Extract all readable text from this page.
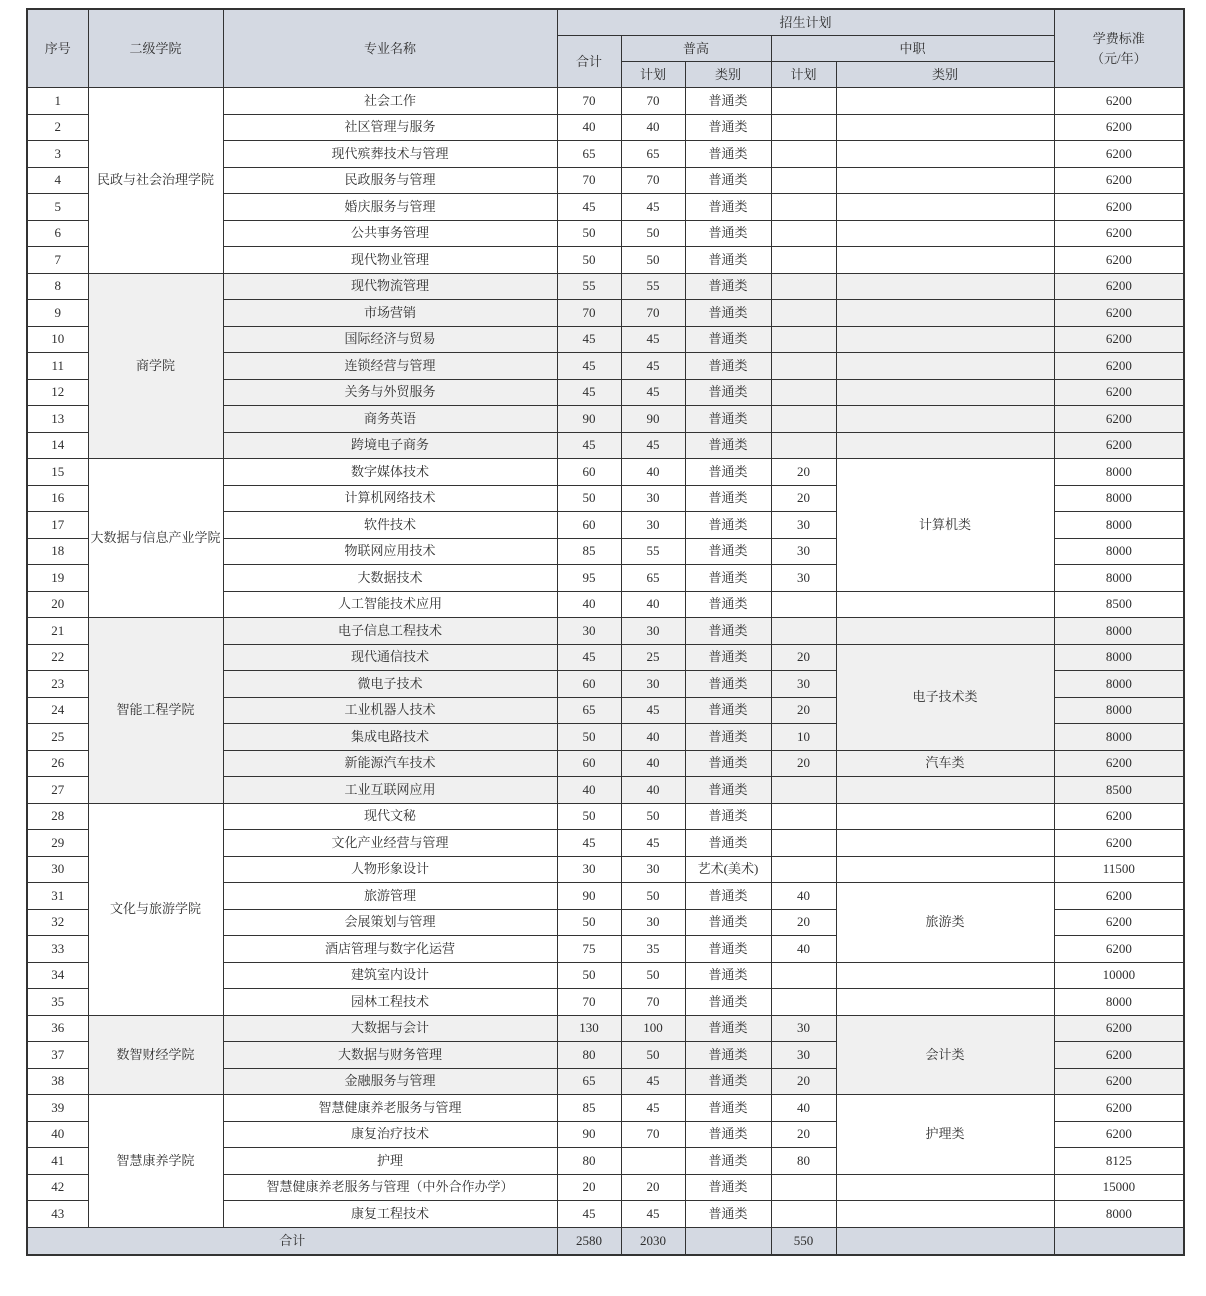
序号	二级学院	专业名称	招生计划					学费标准
（元/年）

			合计	普高		中职		
				计划	类别	计划	类别	
1	民政与社会治理学院	社会工作	70	70	普通类			6200
2		社区管理与服务	40	40	普通类			6200
3		现代殡葬技术与管理	65	65	普通类			6200
4		民政服务与管理	70	70	普通类			6200
5		婚庆服务与管理	45	45	普通类			6200
6		公共事务管理	50	50	普通类			6200
7		现代物业管理	50	50	普通类			6200
8	商学院	现代物流管理	55	55	普通类			6200
9		市场营销	70	70	普通类			6200
10		国际经济与贸易	45	45	普通类			6200
11		连锁经营与管理	45	45	普通类			6200
12		关务与外贸服务	45	45	普通类			6200
13		商务英语	90	90	普通类			6200
14		跨境电子商务	45	45	普通类			6200
15	大数据与信息产业学院	数字媒体技术	60	40	普通类	20	计算机类	8000
16		计算机网络技术	50	30	普通类	20		8000
17		软件技术	60	30	普通类	30		8000
18		物联网应用技术	85	55	普通类	30		8000
19		大数据技术	95	65	普通类	30		8000
20		人工智能技术应用	40	40	普通类			8500
21	智能工程学院	电子信息工程技术	30	30	普通类			8000
22		现代通信技术	45	25	普通类	20	电子技术类	8000
23		微电子技术	60	30	普通类	30		8000
24		工业机器人技术	65	45	普通类	20		8000
25		集成电路技术	50	40	普通类	10		8000
26		新能源汽车技术	60	40	普通类	20	汽车类	6200
27		工业互联网应用	40	40	普通类			8500
28	文化与旅游学院	现代文秘	50	50	普通类			6200
29		文化产业经营与管理	45	45	普通类			6200
30		人物形象设计	30	30	艺术(美术)			11500
31		旅游管理	90	50	普通类	40	旅游类	6200
32		会展策划与管理	50	30	普通类	20		6200
33		酒店管理与数字化运营	75	35	普通类	40		6200
34		建筑室内设计	50	50	普通类			10000
35		园林工程技术	70	70	普通类			8000
36	数智财经学院	大数据与会计	130	100	普通类	30	会计类	6200
37		大数据与财务管理	80	50	普通类	30		6200
38		金融服务与管理	65	45	普通类	20		6200
39	智慧康养学院	智慧健康养老服务与管理	85	45	普通类	40	护理类	6200
40		康复治疗技术	90	70	普通类	20		6200
41		护理	80		普通类	80		8125
42		智慧健康养老服务与管理（中外合作办学）	20	20	普通类			15000
43		康复工程技术	45	45	普通类			8000
合计			2580	2030		550		
